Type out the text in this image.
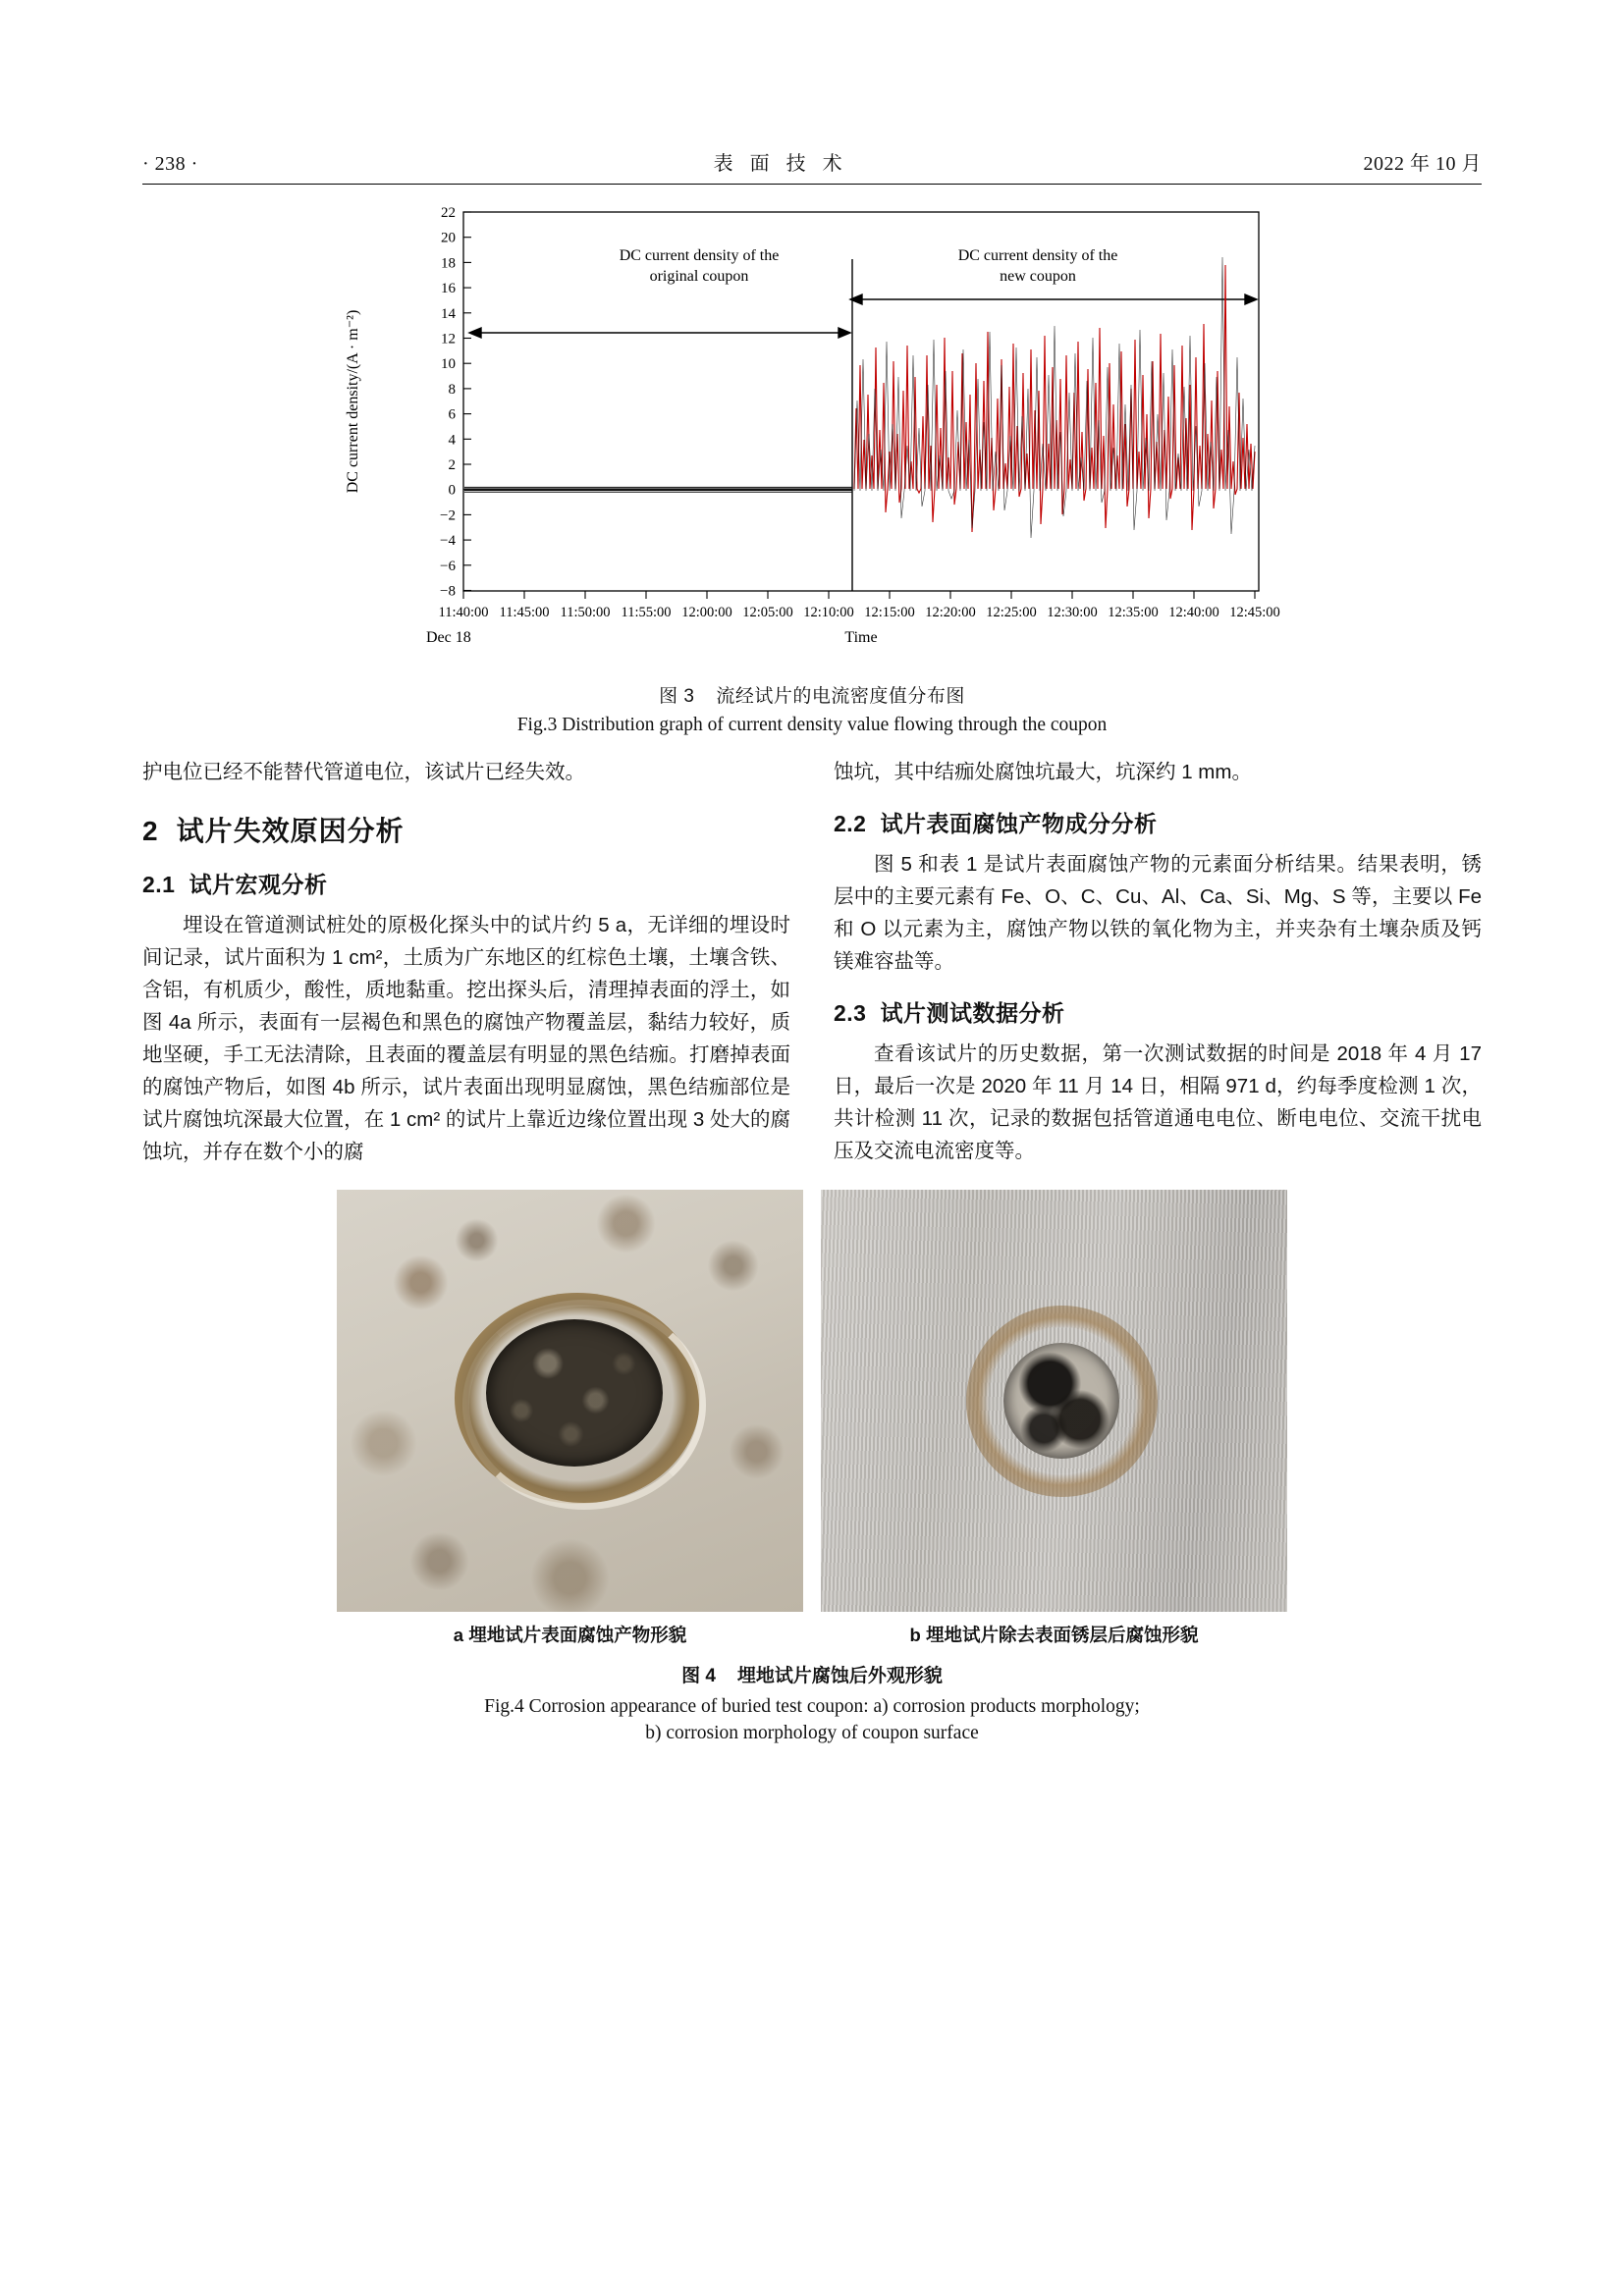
· 238 ·	表 面 技 术	2022 年 10 月
22
20
18
16
14
12
10
8
6
4
2
0
−2
−4
−6
−8
DC current density/(A · m⁻²)
11:40:00 11:45:00 11:50:00 11:55:00 12:00:00 12:05:00 12:10:00 12:15:00 12:20:00 12:25:00 12:30:00 12:35:00 12:40:00 12:45:00
Dec 18	Time
DC current density of the
original coupon
DC current density of the
new coupon
图 3 流经试片的电流密度值分布图
Fig.3 Distribution graph of current density value flowing through the coupon

护电位已经不能替代管道电位，该试片已经失效。

2 试片失效原因分析
2.1 试片宏观分析

埋设在管道测试桩处的原极化探头中的试片约 5 a，无详细的埋设时间记录，试片面积为 1 cm²，土质为广东地区的红棕色土壤，土壤含铁、含铝，有机质少，酸性，质地黏重。挖出探头后，清理掉表面的浮土，如图 4a 所示，表面有一层褐色和黑色的腐蚀产物覆盖层，黏结力较好，质地坚硬，手工无法清除，且表面的覆盖层有明显的黑色结痂。打磨掉表面的腐蚀产物后，如图 4b 所示，试片表面出现明显腐蚀，黑色结痂部位是试片腐蚀坑深最大位置，在 1 cm² 的试片上靠近边缘位置出现 3 处大的腐蚀坑，并存在数个小的腐

蚀坑，其中结痂处腐蚀坑最大，坑深约 1 mm。

2.2 试片表面腐蚀产物成分分析

图 5 和表 1 是试片表面腐蚀产物的元素面分析结果。结果表明，锈层中的主要元素有 Fe、O、C、Cu、Al、Ca、Si、Mg、S 等，主要以 Fe 和 O 以元素为主，腐蚀产物以铁的氧化物为主，并夹杂有土壤杂质及钙镁难容盐等。

2.3 试片测试数据分析

查看该试片的历史数据，第一次测试数据的时间是 2018 年 4 月 17 日，最后一次是 2020 年 11 月 14 日，相隔 971 d，约每季度检测 1 次，共计检测 11 次，记录的数据包括管道通电电位、断电电位、交流干扰电压及交流电流密度等。

a 埋地试片表面腐蚀产物形貌	b 埋地试片除去表面锈层后腐蚀形貌
图 4 埋地试片腐蚀后外观形貌
Fig.4 Corrosion appearance of buried test coupon: a) corrosion products morphology;
b) corrosion morphology of coupon surface
